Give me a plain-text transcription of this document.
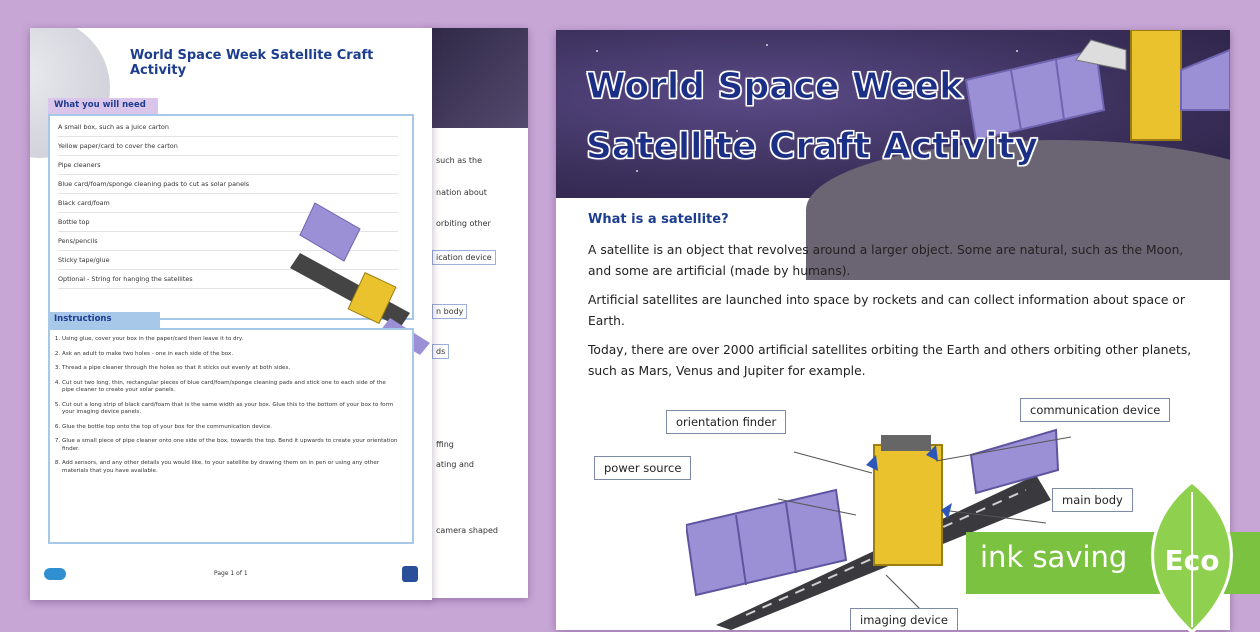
such as the
nation about
orbiting other
ication device
n body
ds
ffing
ating and
camera shaped
World Space Week Satellite Craft Activity
What you will need
A small box, such as a juice carton
Yellow paper/card to cover the carton
Pipe cleaners
Blue card/foam/sponge cleaning pads to cut as solar panels
Black card/foam
Bottle top
Pens/pencils
Sticky tape/glue
Optional - String for hanging the satellites
Instructions
1. Using glue, cover your box in the paper/card then leave it to dry.
2. Ask an adult to make two holes - one in each side of the box.
3. Thread a pipe cleaner through the holes so that it sticks out evenly at both sides.
4. Cut out two long, thin, rectangular pieces of blue card/foam/sponge cleaning pads and stick one to each side of the pipe cleaner to create your solar panels.
5. Cut out a long strip of black card/foam that is the same width as your box. Glue this to the bottom of your box to form your imaging device panels.
6. Glue the bottle top onto the top of your box for the communication device.
7. Glue a small piece of pipe cleaner onto one side of the box, towards the top. Bend it upwards to create your orientation finder.
8. Add sensors, and any other details you would like, to your satellite by drawing them on in pen or using any other materials that you have available.
Page 1 of 1
World Space Week
Satellite Craft Activity
What is a satellite?
A satellite is an object that revolves around a larger object. Some are natural, such as the Moon, and some are artificial (made by humans).
Artificial satellites are launched into space by rockets and can collect information about space or Earth.
Today, there are over 2000 artificial satellites orbiting the Earth and others orbiting other planets, such as Mars, Venus and Jupiter for example.
orientation finder
communication device
power source
main body
imaging device
ink saving Eco
